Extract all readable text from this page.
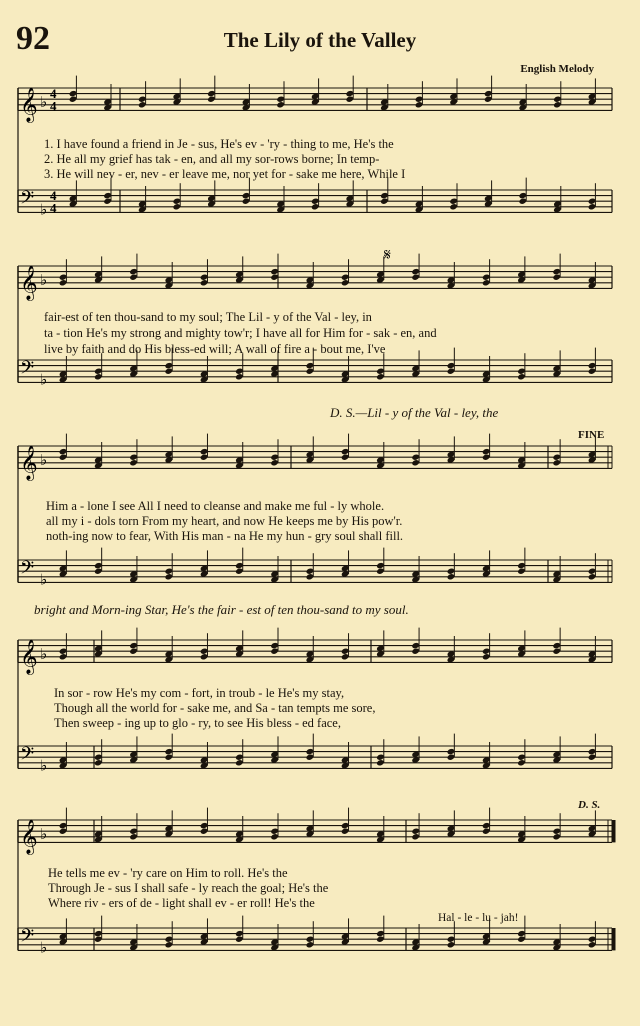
92	The Lily of the Valley
English Melody
𝄞 ♭
4
4
𝄢 ♭
4
4
𝄞 ♭
𝄢 ♭
𝄋
𝄞 ♭
𝄢 ♭
𝄞 ♭
𝄢 ♭
𝄞 ♭
𝄢 ♭
1. I have found a friend in Je - sus, He's ev - 'ry - thing to me, He's the
2. He all my grief has tak - en, and all my sor-rows borne; In temp-
3. He will nev - er, nev - er leave me, nor yet for - sake me here, While I
fair-est of ten thou-sand to my soul; The Lil - y of the Val - ley, in
ta - tion He's my strong and mighty tow'r; I have all for Him for - sak - en, and
live by faith and do His bless-ed will; A wall of fire a - bout me, I've
D. S.—Lil - y of the Val - ley, the
FINE
Him a - lone I see All I need to cleanse and make me ful - ly whole.
all my i - dols torn From my heart, and now He keeps me by His pow'r.
noth-ing now to fear, With His man - na He my hun - gry soul shall fill.
bright and Morn-ing Star, He's the fair - est of ten thou-sand to my soul.
In sor - row He's my com - fort, in troub - le He's my stay,
Though all the world for - sake me, and Sa - tan tempts me sore,
Then sweep - ing up to glo - ry, to see His bless - ed face,
D. S.
He tells me ev - 'ry care on Him to roll. He's the
Through Je - sus I shall safe - ly reach the goal; He's the
Where riv - ers of de - light shall ev - er roll! He's the
Hal - le - lu - jah!
